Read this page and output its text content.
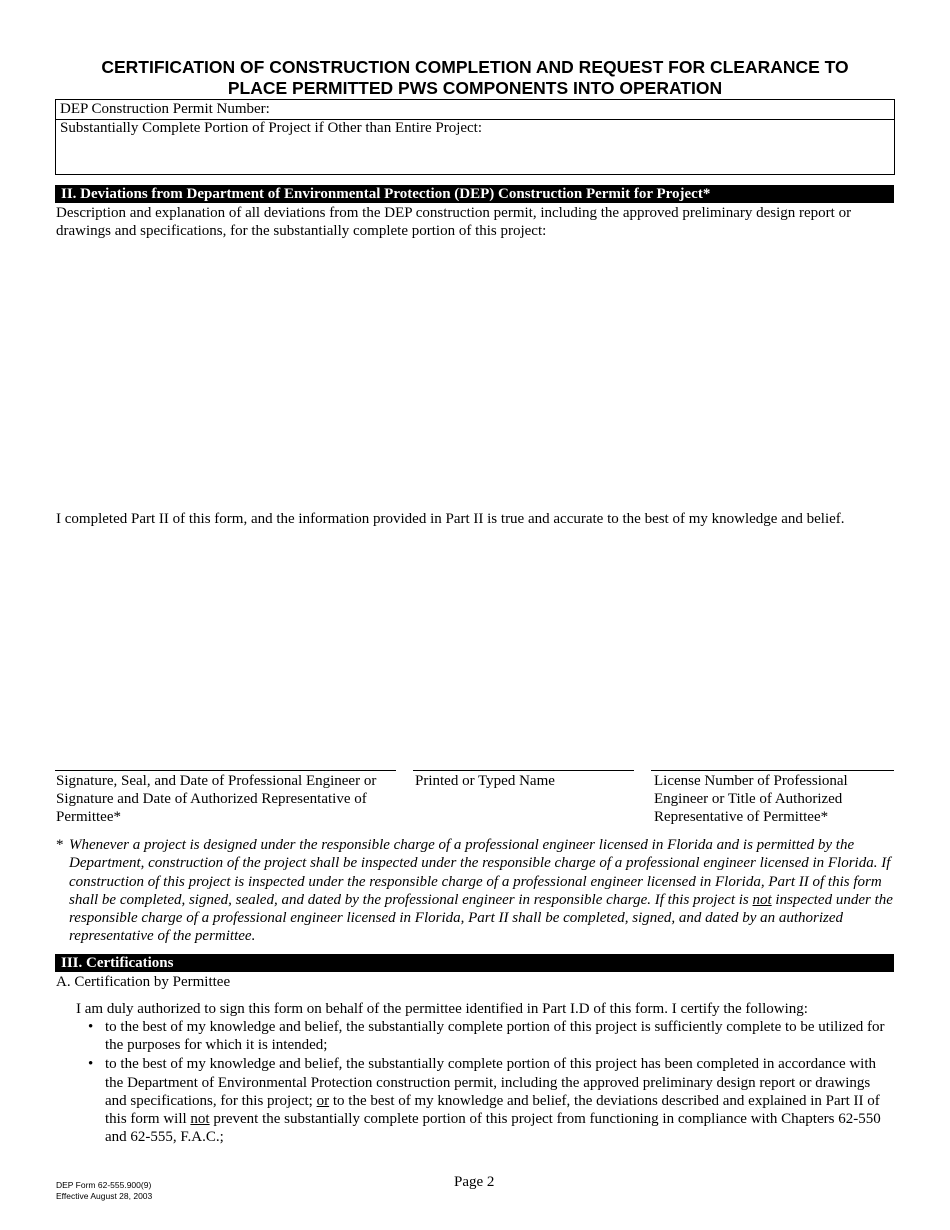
CERTIFICATION OF CONSTRUCTION COMPLETION AND REQUEST FOR CLEARANCE TO
PLACE PERMITTED PWS COMPONENTS INTO OPERATION
DEP Construction Permit Number:
Substantially Complete Portion of Project if Other than Entire Project:
II. Deviations from Department of Environmental Protection (DEP) Construction Permit for Project*
Description and explanation of all deviations from the DEP construction permit, including the approved preliminary design report or drawings and specifications, for the substantially complete portion of this project:
I completed Part II of this form, and the information provided in Part II is true and accurate to the best of my knowledge and belief.
Signature, Seal, and Date of Professional Engineer or
Signature and Date of Authorized Representative of
Permittee*
Printed or Typed Name	License Number of Professional
Engineer or Title of Authorized
Representative of Permittee*
* Whenever a project is designed under the responsible charge of a professional engineer licensed in Florida and is permitted by the Department, construction of the project shall be inspected under the responsible charge of a professional engineer licensed in Florida. If construction of this project is inspected under the responsible charge of a professional engineer licensed in Florida, Part II of this form shall be completed, signed, sealed, and dated by the professional engineer in responsible charge. If this project is not inspected under the responsible charge of a professional engineer licensed in Florida, Part II shall be completed, signed, and dated by an authorized representative of the permittee.
III. Certifications
A. Certification by Permittee
I am duly authorized to sign this form on behalf of the permittee identified in Part I.D of this form. I certify the following:
• to the best of my knowledge and belief, the substantially complete portion of this project is sufficiently complete to be utilized for the purposes for which it is intended;
• to the best of my knowledge and belief, the substantially complete portion of this project has been completed in accordance with the Department of Environmental Protection construction permit, including the approved preliminary design report or drawings and specifications, for this project; or to the best of my knowledge and belief, the deviations described and explained in Part II of this form will not prevent the substantially complete portion of this project from functioning in compliance with Chapters 62-550 and 62-555, F.A.C.;
DEP Form 62-555.900(9)
Effective August 28, 2003
Page 2
